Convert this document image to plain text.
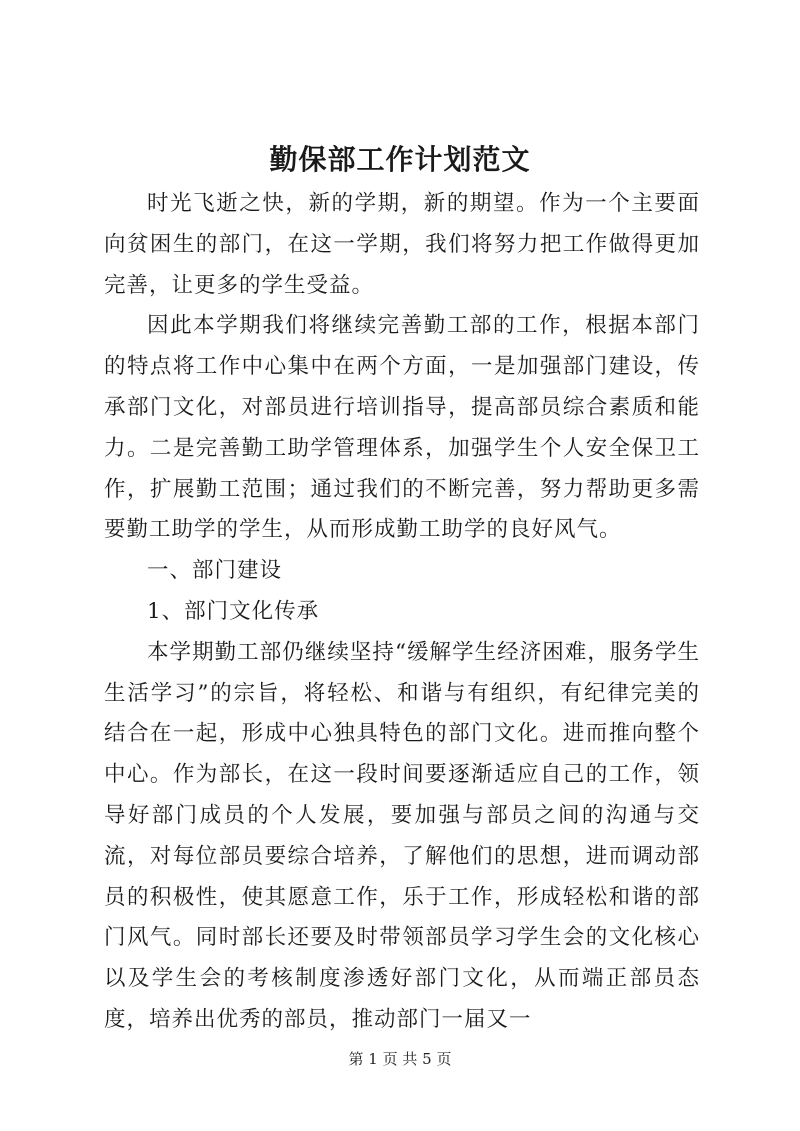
勤保部工作计划范文

时光飞逝之快，新的学期，新的期望。作为一个主要面向贫困生的部门，在这一学期，我们将努力把工作做得更加完善，让更多的学生受益。

因此本学期我们将继续完善勤工部的工作，根据本部门的特点将工作中心集中在两个方面，一是加强部门建设，传承部门文化，对部员进行培训指导，提高部员综合素质和能力。二是完善勤工助学管理体系，加强学生个人安全保卫工作，扩展勤工范围；通过我们的不断完善，努力帮助更多需要勤工助学的学生，从而形成勤工助学的良好风气。

一、部门建设

1、部门文化传承

本学期勤工部仍继续坚持“缓解学生经济困难，服务学生生活学习”的宗旨，将轻松、和谐与有组织，有纪律完美的结合在一起，形成中心独具特色的部门文化。进而推向整个中心。作为部长，在这一段时间要逐渐适应自己的工作，领导好部门成员的个人发展，要加强与部员之间的沟通与交流，对每位部员要综合培养，了解他们的思想，进而调动部员的积极性，使其愿意工作，乐于工作，形成轻松和谐的部门风气。同时部长还要及时带领部员学习学生会的文化核心以及学生会的考核制度渗透好部门文化，从而端正部员态度，培养出优秀的部员，推动部门一届又一

第 1 页 共 5 页
